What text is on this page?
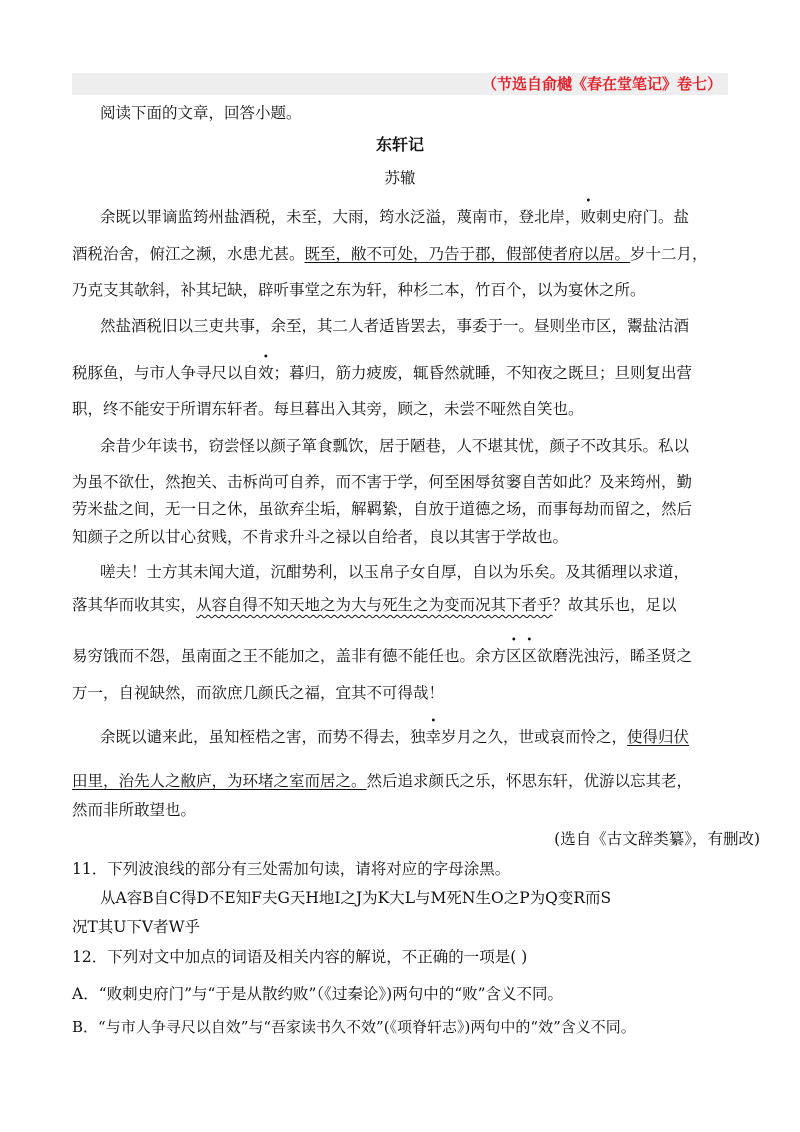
（节选自俞樾《春在堂笔记》卷七）
阅读下面的文章，回答小题。
东轩记
苏辙
余既以罪谪监筠州盐酒税，未至，大雨，筠水泛溢，蔑南市，登北岸，败刺史府门。盐
酒税治舍，俯江之濒，水患尤甚。既至，敝不可处，乃告于郡，假部使者府以居。岁十二月，
乃克支其欹斜，补其圮缺，辟听事堂之东为轩，种杉二本，竹百个，以为宴休之所。
然盐酒税旧以三吏共事，余至，其二人者适皆罢去，事委于一。昼则坐市区，鬻盐沽酒
税豚鱼，与市人争寻尺以自效；暮归，筋力疲废，辄昏然就睡，不知夜之既旦；旦则复出营
职，终不能安于所谓东轩者。每旦暮出入其旁，顾之，未尝不哑然自笑也。
余昔少年读书，窃尝怪以颜子箪食瓢饮，居于陋巷，人不堪其忧，颜子不改其乐。私以
为虽不欲仕，然抱关、击柝尚可自养，而不害于学，何至困辱贫窭自苦如此？及来筠州，勤
劳米盐之间，无一日之休，虽欲弃尘垢，解羁絷，自放于道德之场，而事每劫而留之，然后
知颜子之所以甘心贫贱，不肯求升斗之禄以自给者，良以其害于学故也。
嗟夫！士方其未闻大道，沉酣势利，以玉帛子女自厚，自以为乐矣。及其循理以求道，
落其华而收其实，从容自得不知天地之为大与死生之为变而况其下者乎？故其乐也，足以
易穷饿而不怨，虽南面之王不能加之，盖非有德不能任也。余方区区欲磨洗浊污，睎圣贤之
万一，自视缺然，而欲庶几颜氏之福，宜其不可得哉！
余既以谴来此，虽知桎梏之害，而势不得去，独幸岁月之久，世或哀而怜之，使得归伏
田里，治先人之敝庐，为环堵之室而居之。然后追求颜氏之乐，怀思东轩，优游以忘其老，
然而非所敢望也。
(选自《古文辞类纂》，有删改)
11．下列波浪线的部分有三处需加句读，请将对应的字母涂黑。
从A容B自C得D不E知F夫G天H地I之J为K大L与M死N生O之P为Q变R而S
况T其U下V者W乎
12．下列对文中加点的词语及相关内容的解说，不正确的一项是( )
A．“败刺史府门”与“于是从散约败”（《过秦论》)两句中的“败”含义不同。
B．“与市人争寻尺以自效”与“吾家读书久不效”(《项脊轩志》)两句中的“效”含义不同。
